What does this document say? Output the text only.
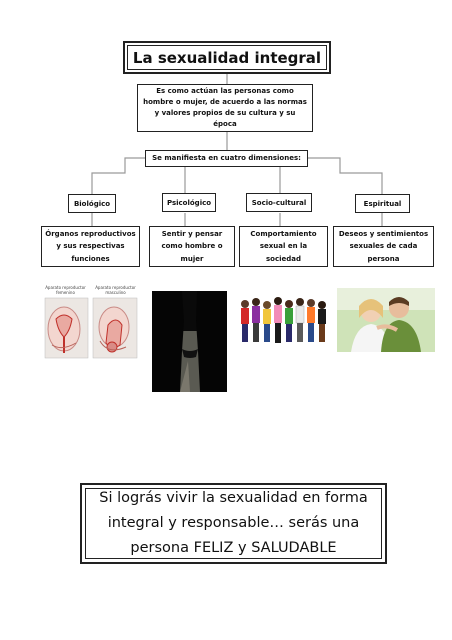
La sexualidad integral
Es como actúan las personas como hombre o mujer, de acuerdo a las normas y valores propios de su cultura y su época
Se manifiesta en cuatro dimensiones:
Biológico	Psicológico	Socio-cultural	Espiritual
Órganos reproductivos y sus respectivas funciones
Sentir y pensar como hombre o mujer
Comportamiento sexual en la sociedad
Deseos y sentimientos sexuales de cada persona
Aparato reproductor femenino
Aparato reproductor masculino
Si lográs vivir la sexualidad en forma integral y responsable… serás una persona FELIZ y SALUDABLE
